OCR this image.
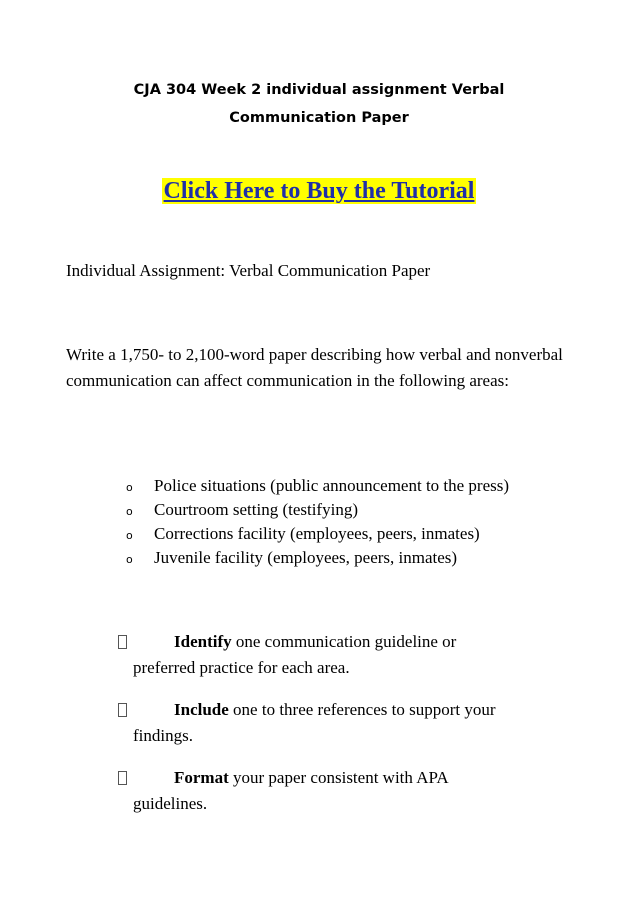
CJA 304 Week 2 individual assignment Verbal
Communication Paper
Click Here to Buy the Tutorial
Individual Assignment: Verbal Communication Paper
Write a 1,750- to 2,100-word paper describing how verbal and nonverbal communication can affect communication in the following areas:
o Police situations (public announcement to the press)
o Courtroom setting (testifying)
o Corrections facility (employees, peers, inmates)
o Juvenile facility (employees, peers, inmates)
Identify one communication guideline or
preferred practice for each area.
Include one to three references to support your
findings.
Format your paper consistent with APA
guidelines.
